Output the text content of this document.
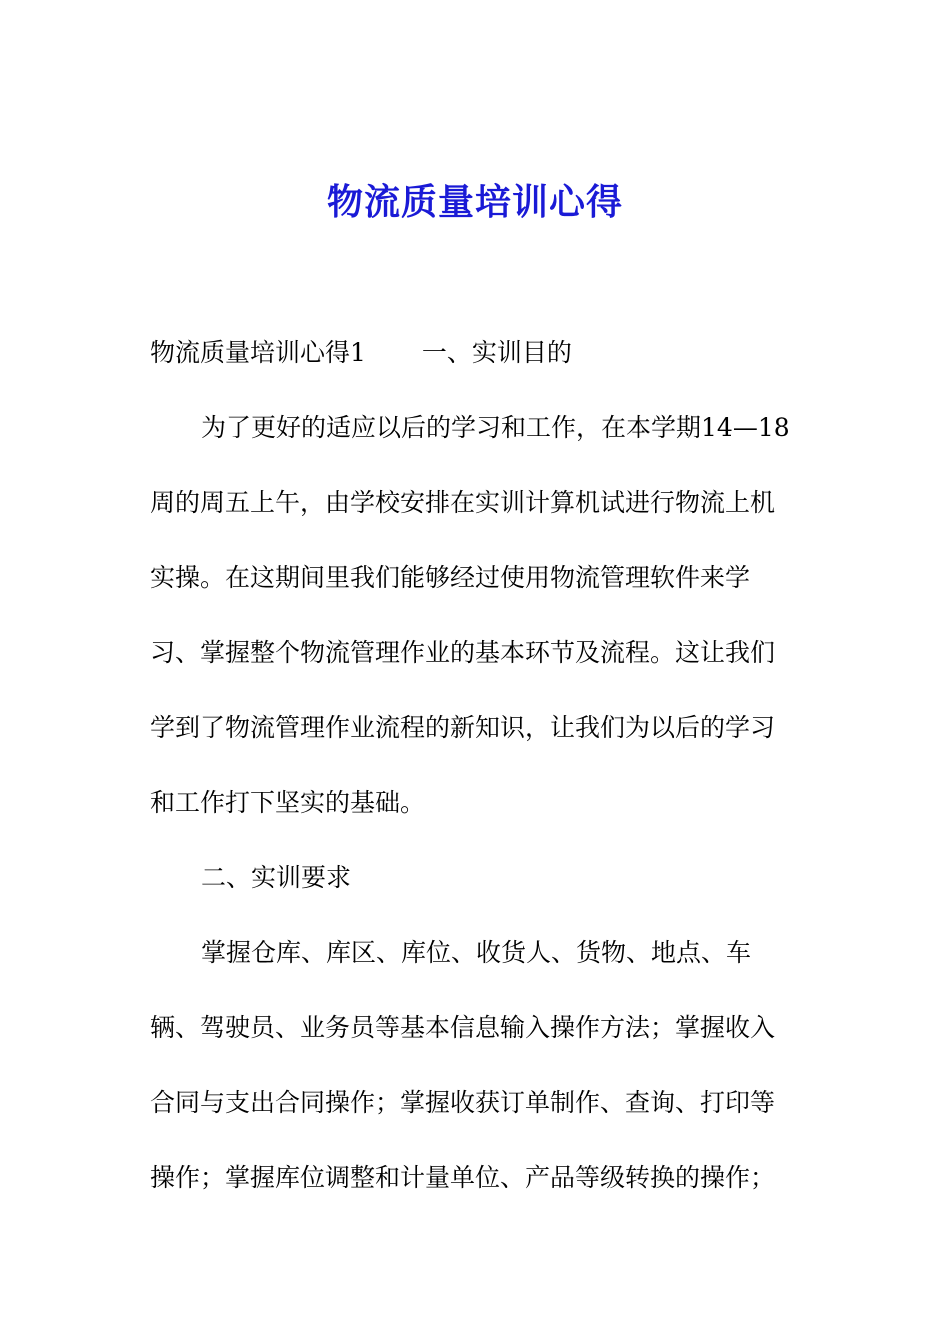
物流质量培训心得
物流质量培训心得1 一、实训目的
为了更好的适应以后的学习和工作，在本学期14—18
周的周五上午，由学校安排在实训计算机试进行物流上机
实操。在这期间里我们能够经过使用物流管理软件来学
习、掌握整个物流管理作业的基本环节及流程。这让我们
学到了物流管理作业流程的新知识，让我们为以后的学习
和工作打下坚实的基础。
二、实训要求
掌握仓库、库区、库位、收货人、货物、地点、车
辆、驾驶员、业务员等基本信息输入操作方法；掌握收入
合同与支出合同操作；掌握收获订单制作、查询、打印等
操作；掌握库位调整和计量单位、产品等级转换的操作；
